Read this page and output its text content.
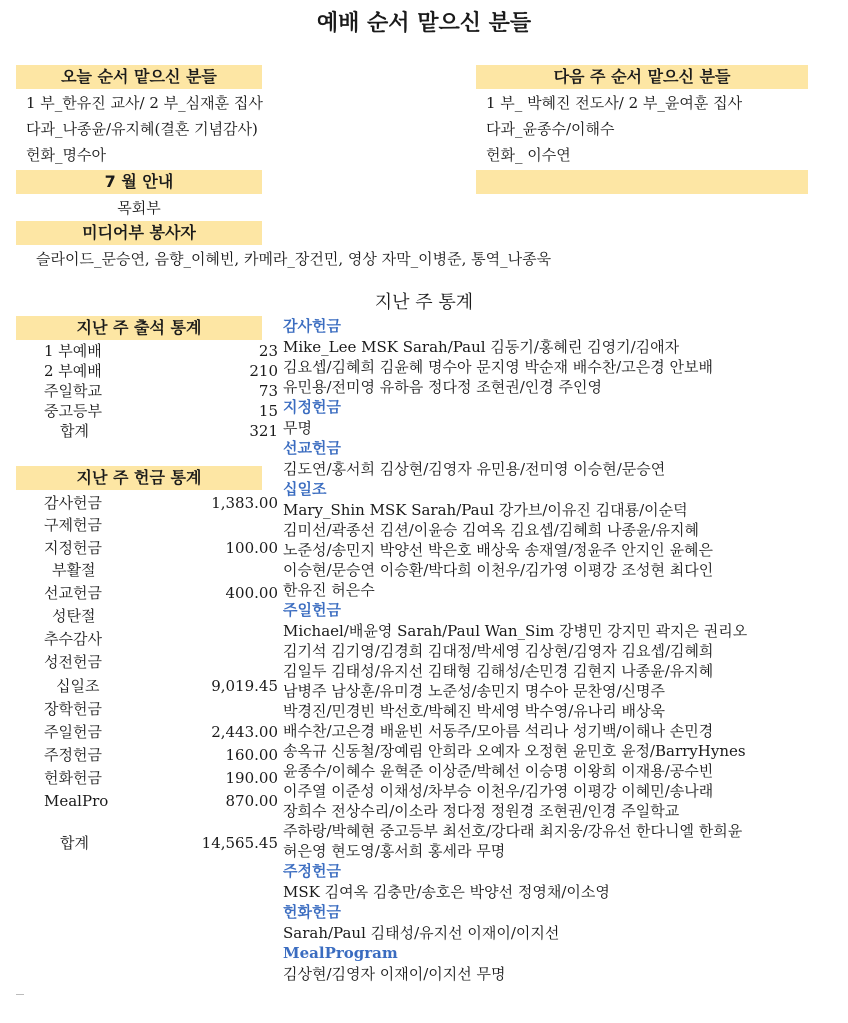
예배 순서 맡으신 분들
오늘 순서 맡으신 분들
1 부_한유진 교사/ 2 부_심재훈 집사
다과_나종윤/유지혜(결혼 기념감사)
헌화_명수아
다음 주 순서 맡으신 분들
1 부_ 박혜진 전도사/ 2 부_윤여훈 집사
다과_윤종수/이해수
헌화_ 이수연
7 월 안내
목회부
미디어부 봉사자
슬라이드_문승연, 음향_이혜빈, 카메라_장건민, 영상 자막_이병준, 통역_나종욱
지난 주 통계
지난 주 출석 통계
1 부예배	23
2 부예배	210
주일학교	73
중고등부	15
합계	321
지난 주 헌금 통계
감사헌금	1,383.00
구제헌금
지정헌금	100.00
부활절
선교헌금	400.00
성탄절
추수감사
성전헌금
십일조	9,019.45
장학헌금
주일헌금	2,443.00
주정헌금	160.00
헌화헌금	190.00
MealPro	870.00
합계	14,565.45
감사헌금
Mike_Lee MSK Sarah/Paul 김동기/홍혜린 김영기/김애자
김요셉/김혜희 김윤혜 명수아 문지영 박순재 배수찬/고은경 안보배
유민용/전미영 유하음 정다정 조현권/인경 주인영
지정헌금
무명
선교헌금
김도연/홍서희 김상현/김영자 유민용/전미영 이승현/문승연
십일조
Mary_Shin MSK Sarah/Paul 강가브/이유진 김대룡/이순덕
김미선/곽종선 김션/이윤승 김여옥 김요셉/김혜희 나종윤/유지혜
노준성/송민지 박양선 박은호 배상욱 송재열/정윤주 안지인 윤혜은
이승현/문승연 이승환/박다희 이천우/김가영 이평강 조성현 최다인
한유진 허은수
주일헌금
Michael/배윤영 Sarah/Paul Wan_Sim 강병민 강지민 곽지은 권리오
김기석 김기영/김경희 김대정/박세영 김상현/김영자 김요셉/김혜희
김일두 김태성/유지선 김태형 김해성/손민경 김현지 나종윤/유지혜
남병주 남상훈/유미경 노준성/송민지 명수아 문찬영/신명주
박경진/민경빈 박선호/박혜진 박세영 박수영/유나리 배상욱
배수찬/고은경 배윤빈 서동주/모아름 석리나 성기백/이해나 손민경
송옥규 신동철/장예림 안희라 오예자 오정현 윤민호 윤정/BarryHynes
윤종수/이혜수 윤혁준 이상준/박혜선 이승명 이왕희 이재용/공수빈
이주열 이준성 이채성/차부승 이천우/김가영 이평강 이혜민/송나래
장희수 전상수리/이소라 정다정 정원경 조현권/인경 주일학교
주하랑/박혜현 중고등부 최선호/강다래 최지웅/강유선 한다니엘 한희윤
허은영 현도영/홍서희 홍세라 무명
주정헌금
MSK 김여옥 김충만/송호은 박양선 정영채/이소영
헌화헌금
Sarah/Paul 김태성/유지선 이재이/이지선
MealProgram
김상현/김영자 이재이/이지선 무명
